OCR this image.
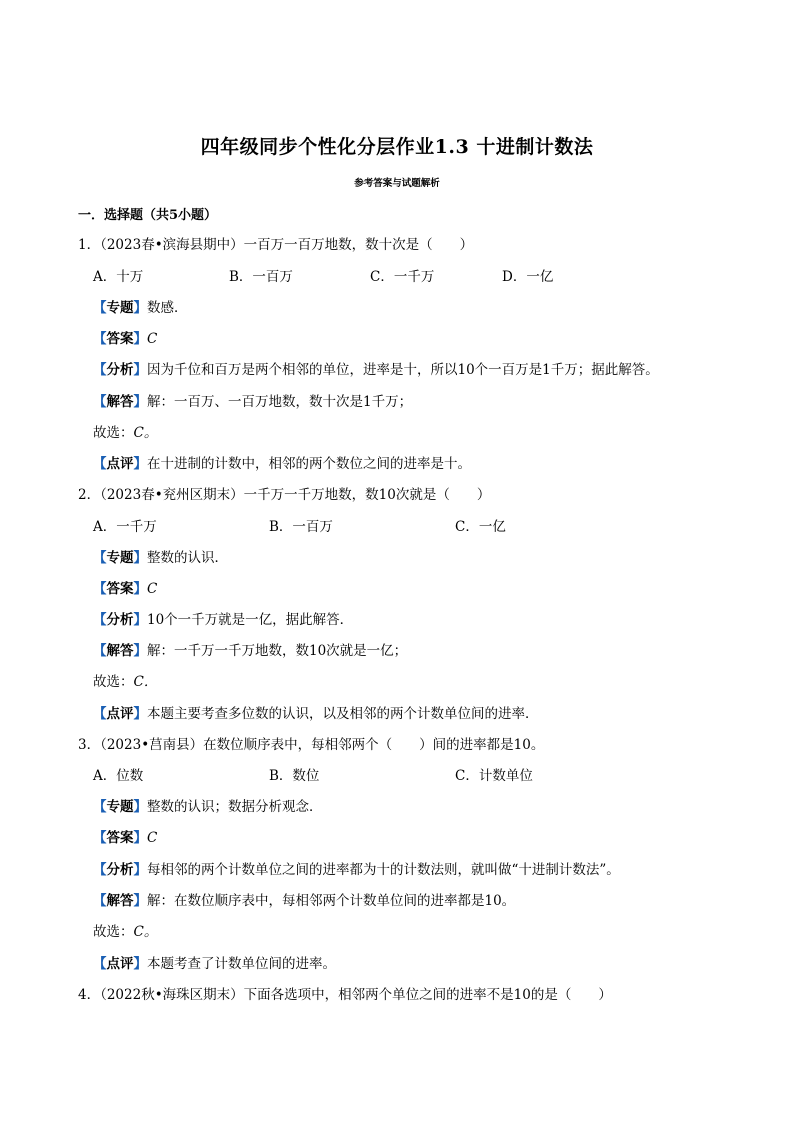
四年级同步个性化分层作业1.3 十进制计数法
参考答案与试题解析
一．选择题（共5小题）
1．（2023春•滨海县期中）一百万一百万地数，数十次是（　　）
A．十万	B．一百万	C．一千万	D．一亿
【专题】数感．
【答案】C
【分析】因为千位和百万是两个相邻的单位，进率是十，所以10个一百万是1千万；据此解答。
【解答】解：一百万、一百万地数，数十次是1千万；
故选：C。
【点评】在十进制的计数中，相邻的两个数位之间的进率是十。
2．（2023春•兖州区期末）一千万一千万地数，数10次就是（　　）
A．一千万	B．一百万	C．一亿
【专题】整数的认识．
【答案】C
【分析】10个一千万就是一亿，据此解答．
【解答】解：一千万一千万地数，数10次就是一亿；
故选：C．
【点评】本题主要考查多位数的认识，以及相邻的两个计数单位间的进率．
3．（2023•莒南县）在数位顺序表中，每相邻两个（　　）间的进率都是10。
A．位数	B．数位	C．计数单位
【专题】整数的认识；数据分析观念．
【答案】C
【分析】每相邻的两个计数单位之间的进率都为十的计数法则，就叫做“十进制计数法”。
【解答】解：在数位顺序表中，每相邻两个计数单位间的进率都是10。
故选：C。
【点评】本题考查了计数单位间的进率。
4．（2022秋•海珠区期末）下面各选项中，相邻两个单位之间的进率不是10的是（　　）
